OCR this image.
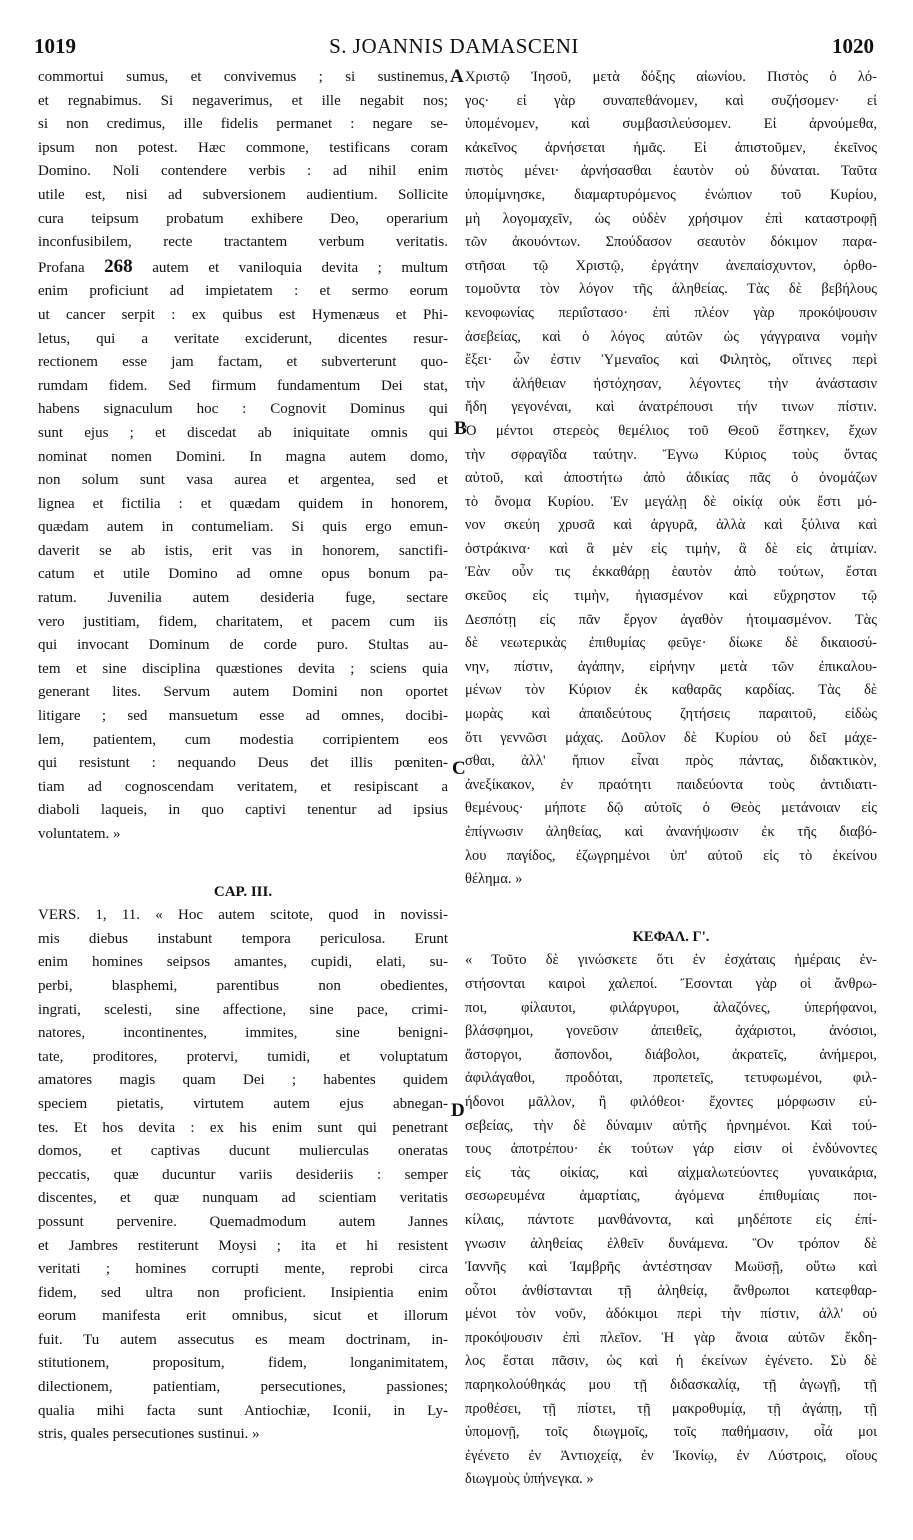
1019	S. JOANNIS DAMASCENI	1020
A
B
C
D

commortui sumus, et convivemus ; si sustinemus,

et regnabimus. Si negaverimus, et ille negabit nos;

si non credimus, ille fidelis permanet : negare se-

ipsum non potest. Hæc commone, testificans coram

Domino. Noli contendere verbis : ad nihil enim

utile est, nisi ad subversionem audientium. Sollicite

cura teipsum probatum exhibere Deo, operarium

inconfusibilem, recte tractantem verbum veritatis.

Profana 268 autem et vaniloquia devita ; multum

enim proficiunt ad impietatem : et sermo eorum

ut cancer serpit : ex quibus est Hymenæus et Phi-

letus, qui a veritate exciderunt, dicentes resur-

rectionem esse jam factam, et subverterunt quo-

rumdam fidem. Sed firmum fundamentum Dei stat,

habens signaculum hoc : Cognovit Dominus qui

sunt ejus ; et discedat ab iniquitate omnis qui

nominat nomen Domini. In magna autem domo,

non solum sunt vasa aurea et argentea, sed et

lignea et fictilia : et quædam quidem in honorem,

quædam autem in contumeliam. Si quis ergo emun-

daverit se ab istis, erit vas in honorem, sanctifi-

catum et utile Domino ad omne opus bonum pa-

ratum. Juvenilia autem desideria fuge, sectare

vero justitiam, fidem, charitatem, et pacem cum iis

qui invocant Dominum de corde puro. Stultas au-

tem et sine disciplina quæstiones devita ; sciens quia

generant lites. Servum autem Domini non oportet

litigare ; sed mansuetum esse ad omnes, docibi-

lem, patientem, cum modestia corripientem eos

qui resistunt : nequando Deus det illis pœniten-

tiam ad cognoscendam veritatem, et resipiscant a

diaboli laqueis, in quo captivi tenentur ad ipsius

voluntatem. »

CAP. III.

VERS. 1, 11. « Hoc autem scitote, quod in novissi-

mis diebus instabunt tempora periculosa. Erunt

enim homines seipsos amantes, cupidi, elati, su-

perbi, blasphemi, parentibus non obedientes,

ingrati, scelesti, sine affectione, sine pace, crimi-

natores, incontinentes, immites, sine benigni-

tate, proditores, protervi, tumidi, et voluptatum

amatores magis quam Dei ; habentes quidem

speciem pietatis, virtutem autem ejus abnegan-

tes. Et hos devita : ex his enim sunt qui penetrant

domos, et captivas ducunt mulierculas oneratas

peccatis, quæ ducuntur variis desideriis : semper

discentes, et quæ nunquam ad scientiam veritatis

possunt pervenire. Quemadmodum autem Jannes

et Jambres restiterunt Moysi ; ita et hi resistent

veritati ; homines corrupti mente, reprobi circa

fidem, sed ultra non proficient. Insipientia enim

eorum manifesta erit omnibus, sicut et illorum

fuit. Tu autem assecutus es meam doctrinam, in-

stitutionem, propositum, fidem, longanimitatem,

dilectionem, patientiam, persecutiones, passiones;

qualia mihi facta sunt Antiochiæ, Iconii, in Ly-

stris, quales persecutiones sustinui. »

Χριστῷ Ἰησοῦ, μετὰ δόξης αἰωνίου. Πιστὸς ὁ λό-

γος· εἰ γὰρ συναπεθάνομεν, καὶ συζήσομεν· εἰ

ὑπομένομεν, καὶ συμβασιλεύσομεν. Εἰ ἀρνούμεθα,

κἀκεῖνος ἀρνήσεται ἡμᾶς. Εἰ ἀπιστοῦμεν, ἐκεῖνος

πιστὸς μένει· ἀρνήσασθαι ἑαυτὸν οὐ δύναται. Ταῦτα

ὑπομίμνησκε, διαμαρτυρόμενος ἐνώπιον τοῦ Κυρίου,

μὴ λογομαχεῖν, ὡς οὐδὲν χρήσιμον ἐπὶ καταστροφῇ

τῶν ἀκουόντων. Σπούδασον σεαυτὸν δόκιμον παρα-

στῆσαι τῷ Χριστῷ, ἐργάτην ἀνεπαίσχυντον, ὀρθο-

τομοῦντα τὸν λόγον τῆς ἀληθείας. Τὰς δὲ βεβήλους

κενοφωνίας περιΐστασο· ἐπὶ πλέον γὰρ προκόψουσιν

ἀσεβείας, καὶ ὁ λόγος αὐτῶν ὡς γάγγραινα νομὴν

ἕξει· ὧν ἐστιν Ὑμεναῖος καὶ Φιλητὸς, οἵτινες περὶ

τὴν ἀλήθειαν ἠστόχησαν, λέγοντες τὴν ἀνάστασιν

ἤδη γεγονέναι, καὶ ἀνατρέπουσι τήν τινων πίστιν.

Ὁ μέντοι στερεὸς θεμέλιος τοῦ Θεοῦ ἕστηκεν, ἔχων

τὴν σφραγῖδα ταύτην. Ἔγνω Κύριος τοὺς ὄντας

αὐτοῦ, καὶ ἀποστήτω ἀπὸ ἀδικίας πᾶς ὁ ὀνομάζων

τὸ ὄνομα Κυρίου. Ἐν μεγάλῃ δὲ οἰκίᾳ οὐκ ἔστι μό-

νον σκεύη χρυσᾶ καὶ ἀργυρᾶ, ἀλλὰ καὶ ξύλινα καὶ

ὀστράκινα· καὶ ἃ μὲν εἰς τιμὴν, ἃ δὲ εἰς ἀτιμίαν.

Ἐὰν οὖν τις ἐκκαθάρῃ ἑαυτὸν ἀπὸ τούτων, ἔσται

σκεῦος εἰς τιμὴν, ἡγιασμένον καὶ εὔχρηστον τῷ

Δεσπότῃ εἰς πᾶν ἔργον ἀγαθὸν ἡτοιμασμένον. Τὰς

δὲ νεωτερικὰς ἐπιθυμίας φεῦγε· δίωκε δὲ δικαιοσύ-

νην, πίστιν, ἀγάπην, εἰρήνην μετὰ τῶν ἐπικαλου-

μένων τὸν Κύριον ἐκ καθαρᾶς καρδίας. Τὰς δὲ

μωρὰς καὶ ἀπαιδεύτους ζητήσεις παραιτοῦ, εἰδὼς

ὅτι γεννῶσι μάχας. Δοῦλον δὲ Κυρίου οὐ δεῖ μάχε-

σθαι, ἀλλ' ἤπιον εἶναι πρὸς πάντας, διδακτικὸν,

ἀνεξίκακον, ἐν πραότητι παιδεύοντα τοὺς ἀντιδιατι-

θεμένους· μήποτε δῷ αὐτοῖς ὁ Θεὸς μετάνοιαν εἰς

ἐπίγνωσιν ἀληθείας, καὶ ἀνανήψωσιν ἐκ τῆς διαβό-

λου παγίδος, ἐζωγρημένοι ὑπ' αὐτοῦ εἰς τὸ ἐκείνου

θέλημα. »

ΚΕΦΑΛ. Γ'.

« Τοῦτο δὲ γινώσκετε ὅτι ἐν ἐσχάταις ἡμέραις ἐν-

στήσονται καιροὶ χαλεποί. Ἔσονται γὰρ οἱ ἄνθρω-

ποι, φίλαυτοι, φιλάργυροι, ἀλαζόνες, ὑπερήφανοι,

βλάσφημοι, γονεῦσιν ἀπειθεῖς, ἀχάριστοι, ἀνόσιοι,

ἄστοργοι, ἄσπονδοι, διάβολοι, ἀκρατεῖς, ἀνήμεροι,

ἀφιλάγαθοι, προδόται, προπετεῖς, τετυφωμένοι, φιλ-

ήδονοι μᾶλλον, ἢ φιλόθεοι· ἔχοντες μόρφωσιν εὐ-

σεβείας, τὴν δὲ δύναμιν αὐτῆς ἠρνημένοι. Καὶ τού-

τους ἀποτρέπου· ἐκ τούτων γάρ εἰσιν οἱ ἐνδύνοντες

εἰς τὰς οἰκίας, καὶ αἰχμαλωτεύοντες γυναικάρια,

σεσωρευμένα ἁμαρτίαις, ἀγόμενα ἐπιθυμίαις ποι-

κίλαις, πάντοτε μανθάνοντα, καὶ μηδέποτε εἰς ἐπί-

γνωσιν ἀληθείας ἐλθεῖν δυνάμενα. Ὃν τρόπον δὲ

Ἰαννῆς καὶ Ἰαμβρῆς ἀντέστησαν Μωϋσῇ, οὕτω καὶ

οὗτοι ἀνθίστανται τῇ ἀληθείᾳ, ἄνθρωποι κατεφθαρ-

μένοι τὸν νοῦν, ἀδόκιμοι περὶ τὴν πίστιν, ἀλλ' οὐ

προκόψουσιν ἐπὶ πλεῖον. Ἡ γὰρ ἄνοια αὐτῶν ἔκδη-

λος ἔσται πᾶσιν, ὡς καὶ ἡ ἐκείνων ἐγένετο. Σὺ δὲ

παρηκολούθηκάς μου τῇ διδασκαλίᾳ, τῇ ἀγωγῇ, τῇ

προθέσει, τῇ πίστει, τῇ μακροθυμίᾳ, τῇ ἀγάπῃ, τῇ

ὑπομονῇ, τοῖς διωγμοῖς, τοῖς παθήμασιν, οἷά μοι

ἐγένετο ἐν Ἀντιοχείᾳ, ἐν Ἰκονίῳ, ἐν Λύστροις, οἵους

διωγμοὺς ὑπήνεγκα. »
